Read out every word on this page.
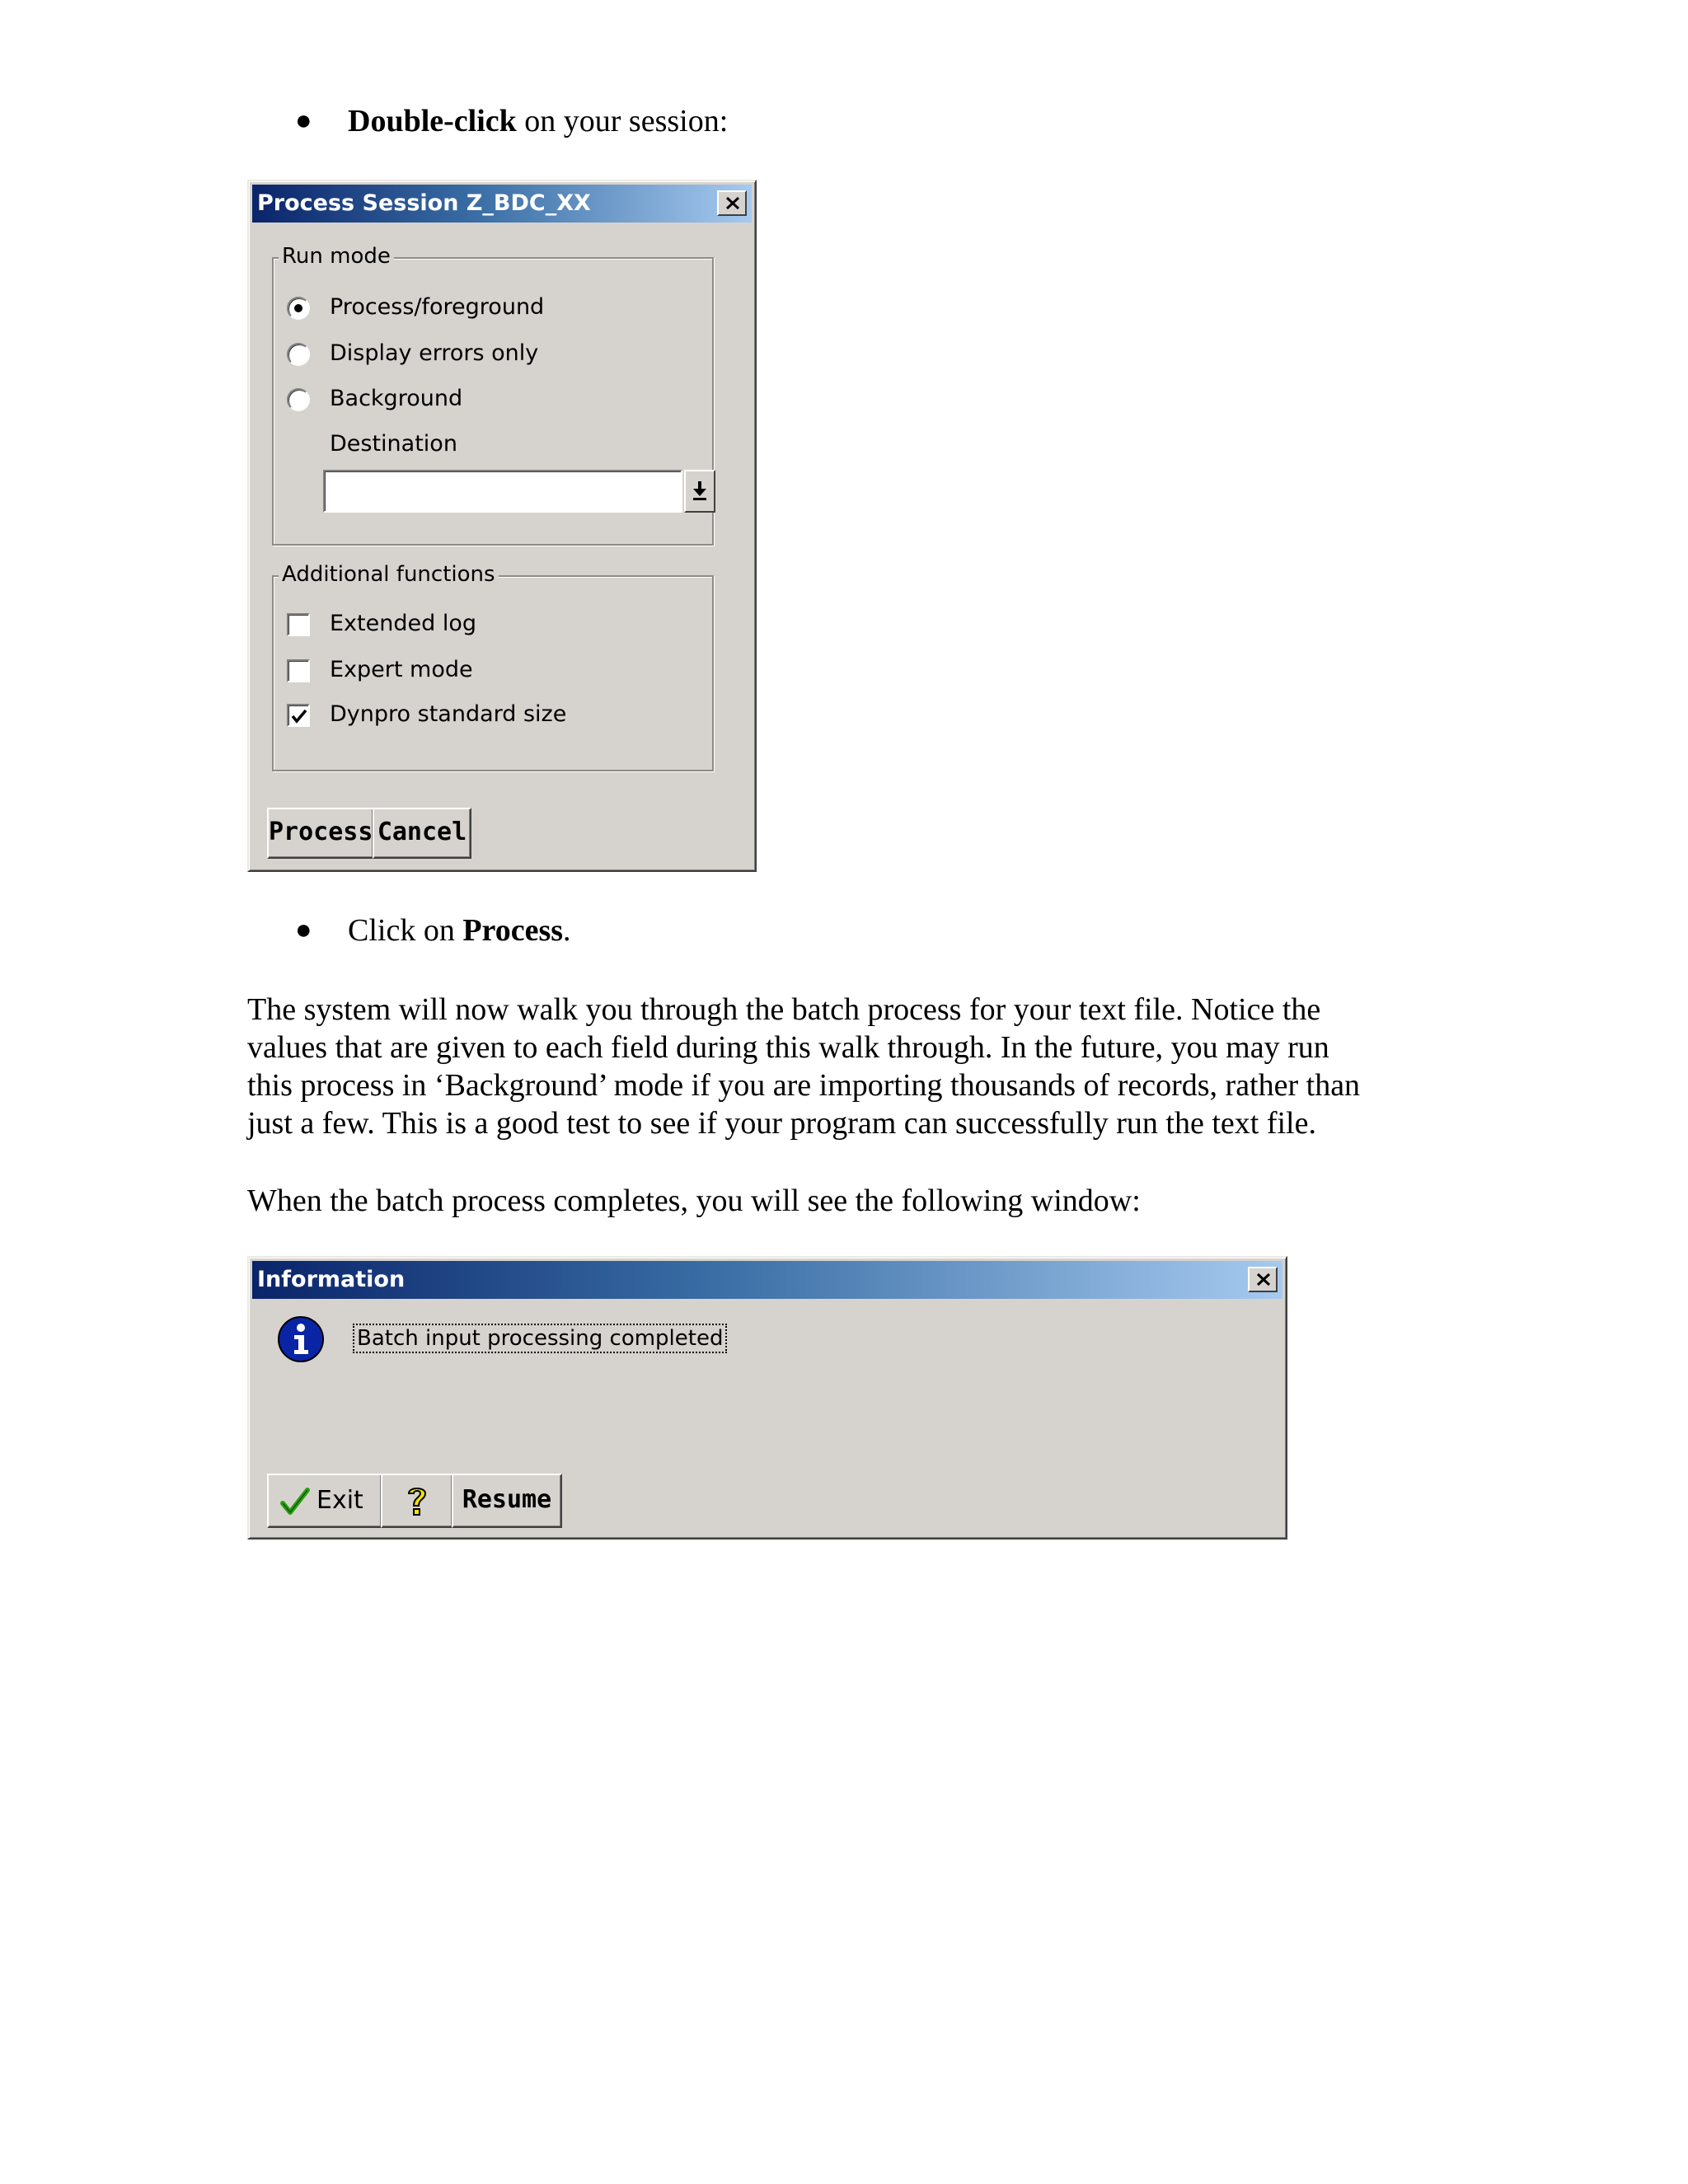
● Double-click on your session:
Process Session Z_BDC_XX
Run mode
Process/foreground
Display errors only
Background
Destination
Additional functions
Extended log
Expert mode
Dynpro standard size
Process Cancel
● Click on Process.
The system will now walk you through the batch process for your text file. Notice the
values that are given to each field during this walk through. In the future, you may run
this process in ‘Background’ mode if you are importing thousands of records, rather than
just a few. This is a good test to see if your program can successfully run the text file.
When the batch process completes, you will see the following window:
Information
Batch input processing completed
Exit	Resume
